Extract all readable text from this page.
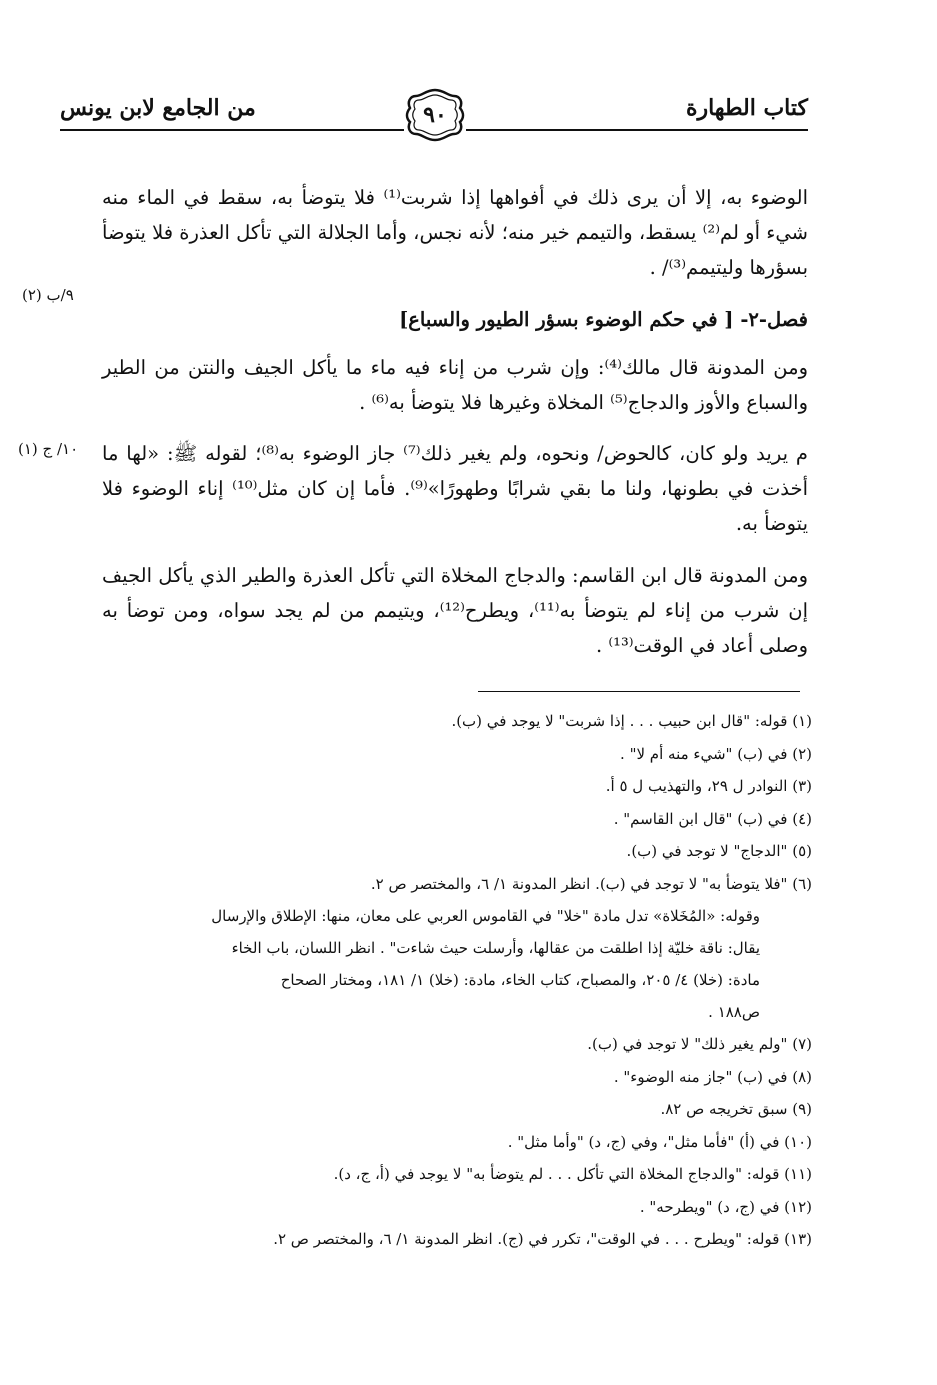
كتاب الطهارة
من الجامع لابن يونس	٩٠
٩/ب (٢)
١٠/ ج (١)

الوضوء به، إلا أن يرى ذلك في أفواهها إذا شربت⁽¹⁾ فلا يتوضأ به، سقط في الماء منه شيء أو لم⁽²⁾ يسقط، والتيمم خير منه؛ لأنه نجس، وأما الجلالة التي تأكل العذرة فلا يتوضأ بسؤرها وليتيمم⁽³⁾/ .

فصل-٢- [ في حكم الوضوء بسؤر الطيور والسباع]

ومن المدونة قال مالك⁽⁴⁾: وإن شرب من إناء فيه ماء ما يأكل الجيف والنتن من الطير والسباع والأوز والدجاج⁽⁵⁾ المخلاة وغيرها فلا يتوضأ به⁽⁶⁾ .

م يريد ولو كان، كالحوض/ ونحوه، ولم يغير ذلك⁽⁷⁾ جاز الوضوء به⁽⁸⁾؛ لقوله ﷺ: «لها ما أخذت في بطونها، ولنا ما بقي شرابًا وطهورًا»⁽⁹⁾. فأما إن كان مثل⁽¹⁰⁾ إناء الوضوء فلا يتوضأ به.

ومن المدونة قال ابن القاسم: والدجاج المخلاة التي تأكل العذرة والطير الذي يأكل الجيف إن شرب من إناء لم يتوضأ به⁽¹¹⁾، ويطرح⁽¹²⁾، ويتيمم من لم يجد سواه، ومن توضأ به وصلى أعاد في الوقت⁽¹³⁾ .

(١) قوله: "قال ابن حبيب . . . إذا شربت" لا يوجد في (ب).
(٢) في (ب) "شيء منه أم لا" .
(٣) النوادر ل ٢٩، والتهذيب ل ٥ أ.
(٤) في (ب) "قال ابن القاسم" .
(٥) "الدجاج" لا توجد في (ب).
(٦) "فلا يتوضأ به" لا توجد في (ب). انظر المدونة ١/ ٦، والمختصر ص ٢.
وقوله: «المُخَلاة» تدل مادة "خلا" في القاموس العربي على معان، منها: الإطلاق والإرسال
يقال: ناقة خليّة إذا اطلقت من عقالها، وأرسلت حيث شاءت" . انظر اللسان، باب الخاء
مادة: (خلا) ٤/ ٢٠٥، والمصباح، كتاب الخاء، مادة: (خلا) ١/ ١٨١، ومختار الصحاح
ص١٨٨ .
(٧) "ولم يغير ذلك" لا توجد في (ب).
(٨) في (ب) "جاز منه الوضوء" .
(٩) سبق تخريجه ص ٨٢.
(١٠) في (أ) "فأما مثل"، وفي (ج، د) "وأما مثل" .
(١١) قوله: "والدجاج المخلاة التي تأكل . . . لم يتوضأ به" لا يوجد في (أ، ج، د).
(١٢) في (ج، د) "ويطرحه" .
(١٣) قوله: "ويطرح . . . في الوقت"، تكرر في (ج). انظر المدونة ١/ ٦، والمختصر ص ٢.
